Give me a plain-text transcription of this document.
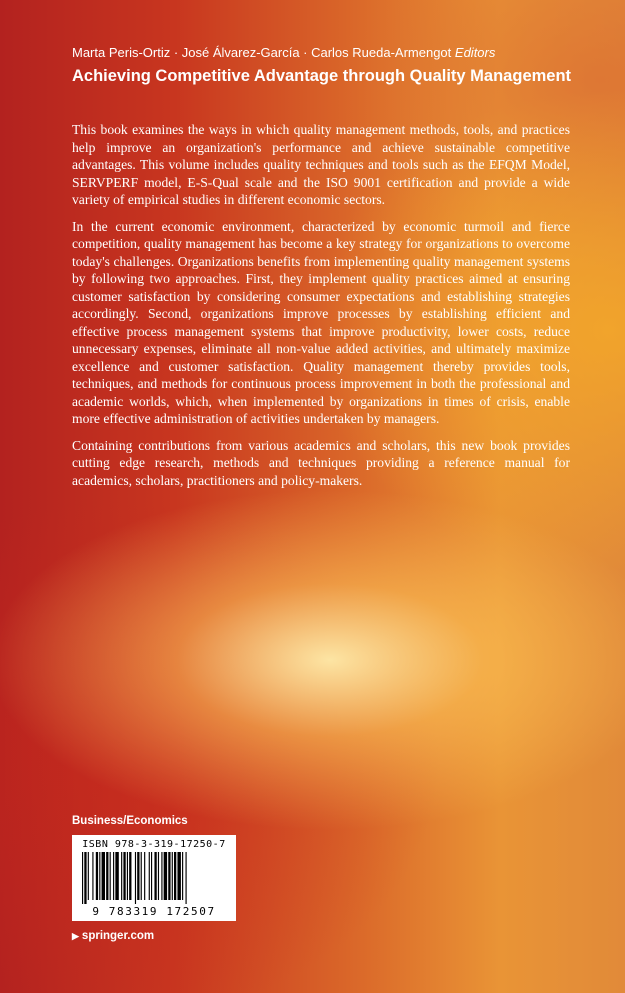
Marta Peris-Ortiz · José Álvarez-García · Carlos Rueda-Armengot Editors
Achieving Competitive Advantage through Quality Management

This book examines the ways in which quality management methods, tools, and practices help improve an organization's performance and achieve sustainable competitive advantages. This volume includes quality techniques and tools such as the EFQM Model, SERVPERF model, E-S-Qual scale and the ISO 9001 certification and provide a wide variety of empirical studies in different economic sectors.

In the current economic environment, characterized by economic turmoil and fierce competition, quality management has become a key strategy for organizations to overcome today's challenges. Organizations benefits from implementing quality management systems by following two approaches. First, they implement quality practices aimed at ensuring customer satisfaction by considering consumer expectations and establishing strategies accordingly. Second, organizations improve processes by establishing efficient and effective process management systems that improve productivity, lower costs, reduce unnecessary expenses, eliminate all non-value added activities, and ultimately maximize excellence and customer satisfaction. Quality management thereby provides tools, techniques, and methods for continuous process improvement in both the professional and academic worlds, which, when implemented by organizations in times of crisis, enable more effective administration of activities undertaken by managers.

Containing contributions from various academics and scholars, this new book provides cutting edge research, methods and techniques providing a reference manual for academics, scholars, practitioners and policy-makers.

Business/Economics
ISBN 978-3-319-17250-7
9 783319 172507
▶ springer.com
